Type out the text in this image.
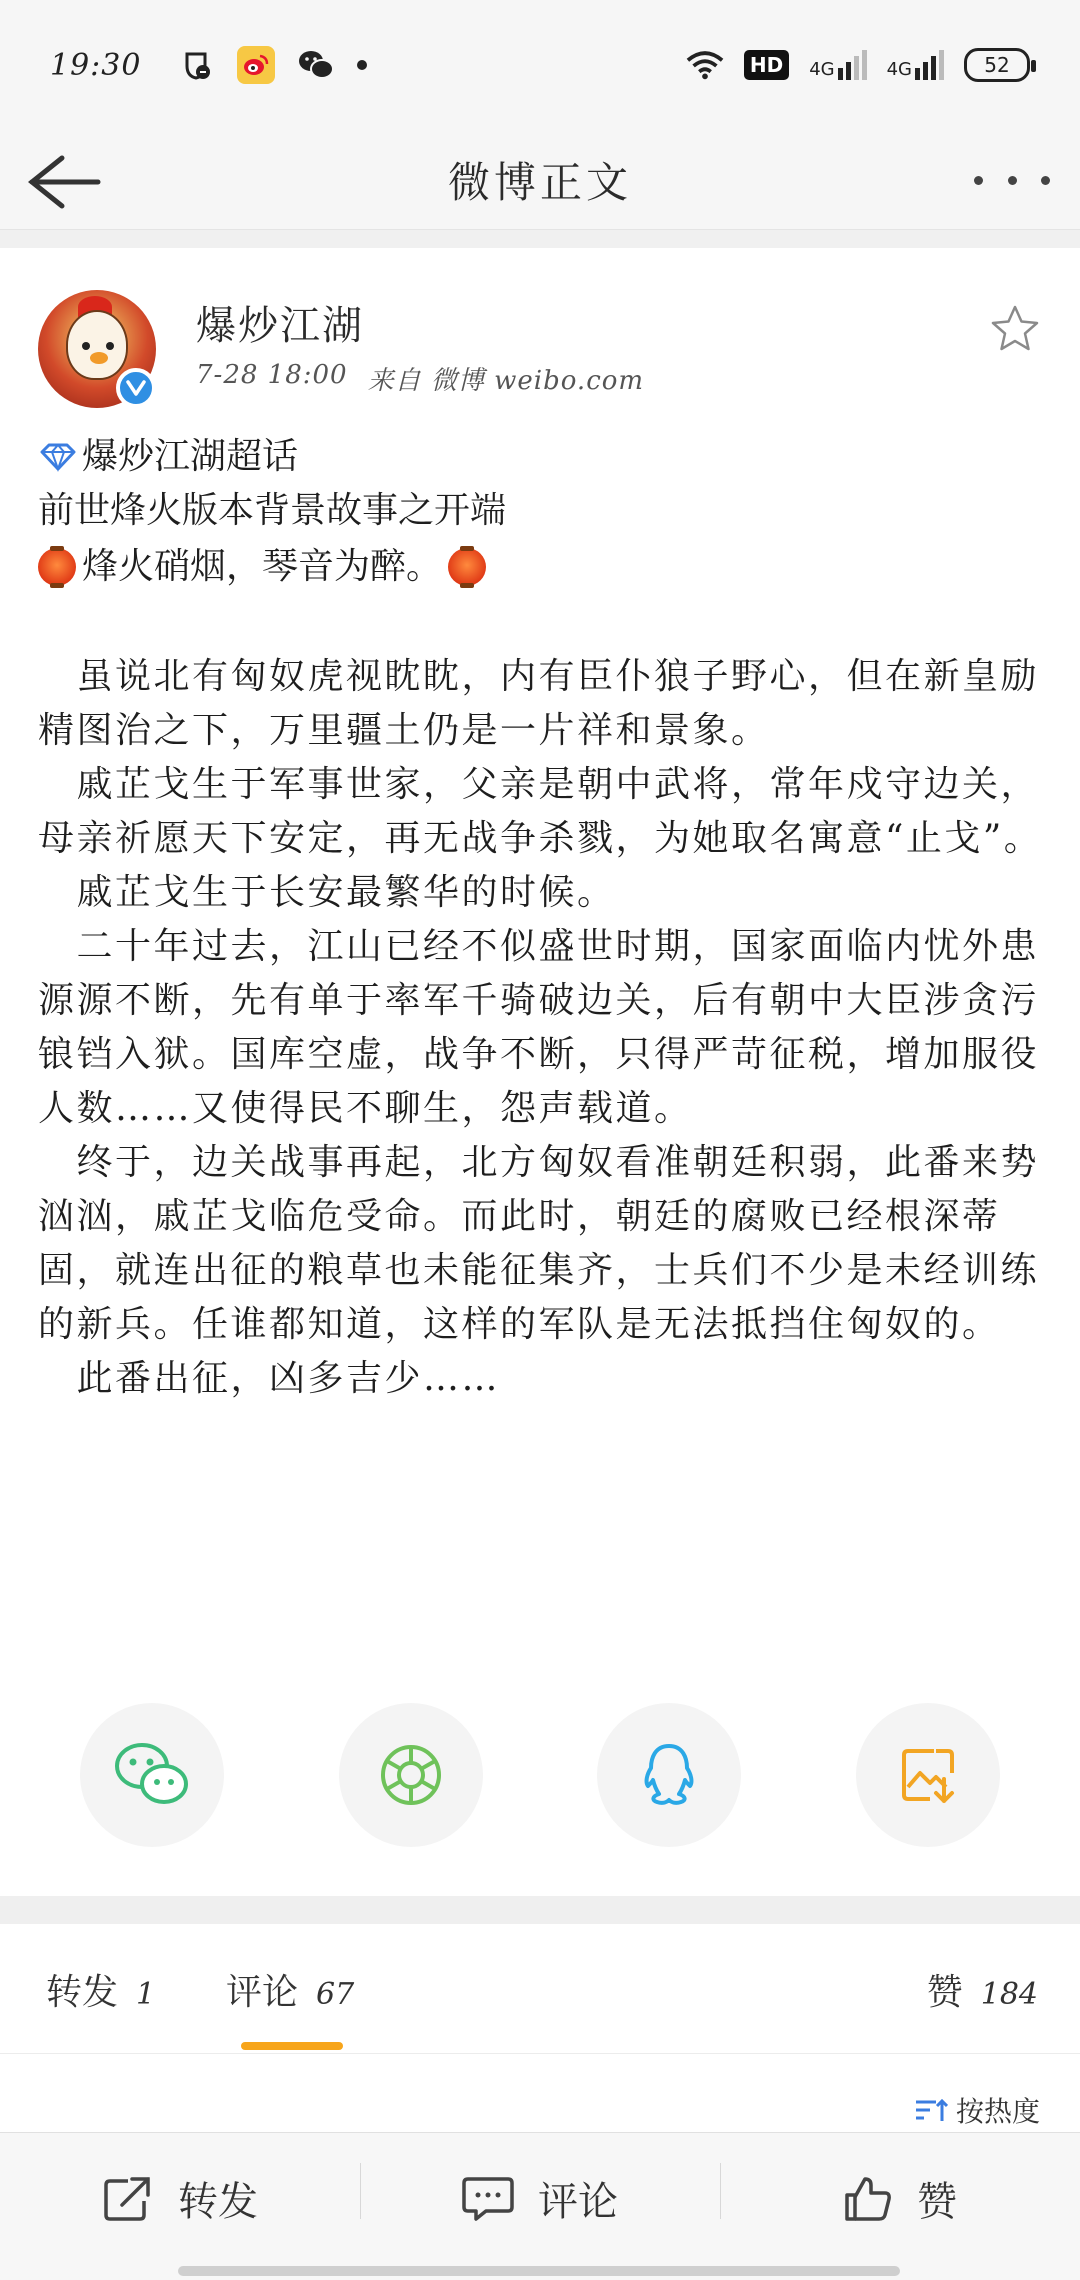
19:30	HD	4G	4G	52
微博正文
爆炒江湖
7-28 18:00 来自 微博 weibo.com
爆炒江湖超话
前世烽火版本背景故事之开端
烽火硝烟，琴音为醉。

 虽说北有匈奴虎视眈眈，内有臣仆狼子野心，但在新皇励精图治之下，万里疆土仍是一片祥和景象。

 戚芷戈生于军事世家，父亲是朝中武将，常年戍守边关，母亲祈愿天下安定，再无战争杀戮，为她取名寓意“止戈”。

 戚芷戈生于长安最繁华的时候。

 二十年过去，江山已经不似盛世时期，国家面临内忧外患源源不断，先有单于率军千骑破边关，后有朝中大臣涉贪污锒铛入狱。国库空虚，战争不断，只得严苛征税，增加服役人数……又使得民不聊生，怨声载道。

 终于，边关战事再起，北方匈奴看准朝廷积弱，此番来势汹汹，戚芷戈临危受命。而此时，朝廷的腐败已经根深蒂固，就连出征的粮草也未能征集齐，士兵们不少是未经训练的新兵。任谁都知道，这样的军队是无法抵挡住匈奴的。

 此番出征，凶多吉少……

转发 1 评论 67	赞 184
按热度
转发	评论	赞
